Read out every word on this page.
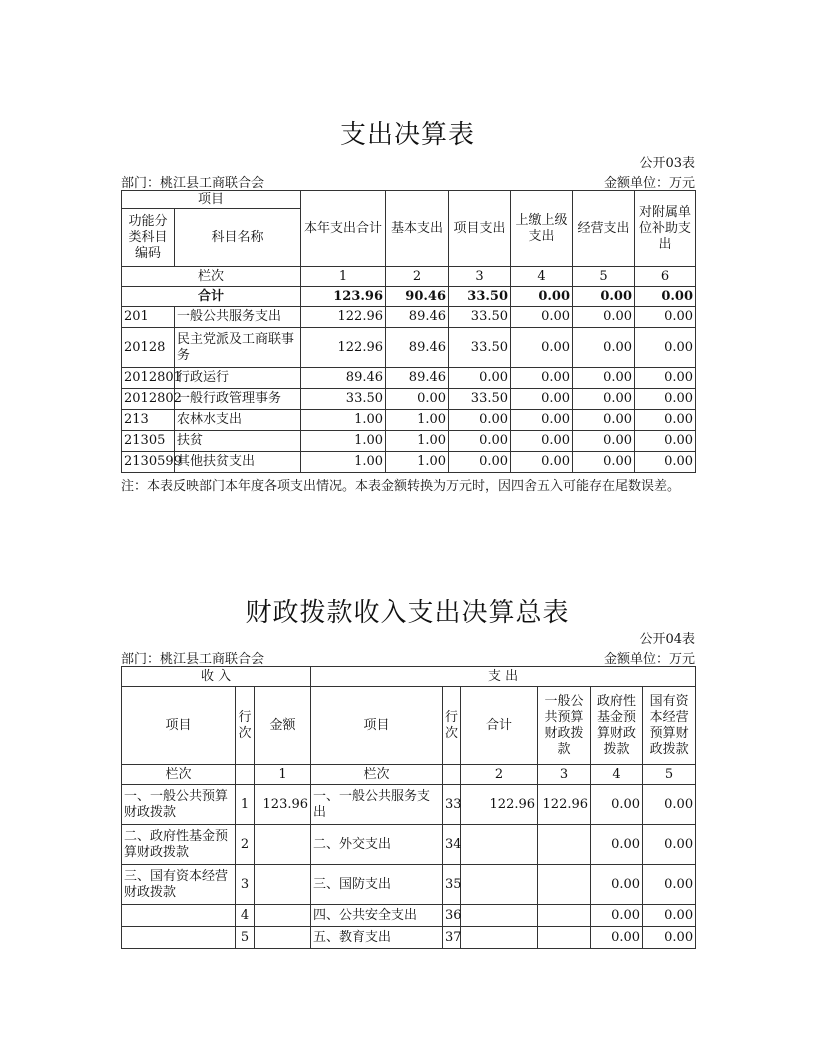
支出决算表
公开03表
部门：桃江县工商联合会	金额单位：万元
项目		本年支出合计	基本支出	项目支出	上缴上级支出	经营支出	对附属单位补助支出
功能分类科目编码	科目名称						
栏次		1	2	3	4	5	6
合计		123.96	90.46	33.50	0.00	0.00	0.00
201	一般公共服务支出	122.96	89.46	33.50	0.00	0.00	0.00
20128	民主党派及工商联事务	122.96	89.46	33.50	0.00	0.00	0.00
2012801	行政运行	89.46	89.46	0.00	0.00	0.00	0.00
2012802	一般行政管理事务	33.50	0.00	33.50	0.00	0.00	0.00
213	农林水支出	1.00	1.00	0.00	0.00	0.00	0.00
21305	扶贫	1.00	1.00	0.00	0.00	0.00	0.00
2130599	其他扶贫支出	1.00	1.00	0.00	0.00	0.00	0.00
注：本表反映部门本年度各项支出情况。本表金额转换为万元时，因四舍五入可能存在尾数误差。
财政拨款收入支出决算总表
公开04表
部门：桃江县工商联合会	金额单位：万元
收 入			支 出					
项目	行次	金额	项目	行次	合计	一般公共预算财政拨款	政府性基金预算财政拨款	国有资本经营预算财政拨款
栏次		1	栏次		2	3	4	5
一、一般公共预算财政拨款	1	123.96	一、一般公共服务支出	33	122.96	122.96	0.00	0.00
二、政府性基金预算财政拨款	2		二、外交支出	34			0.00	0.00
三、国有资本经营财政拨款	3		三、国防支出	35			0.00	0.00
	4		四、公共安全支出	36			0.00	0.00
	5		五、教育支出	37			0.00	0.00
